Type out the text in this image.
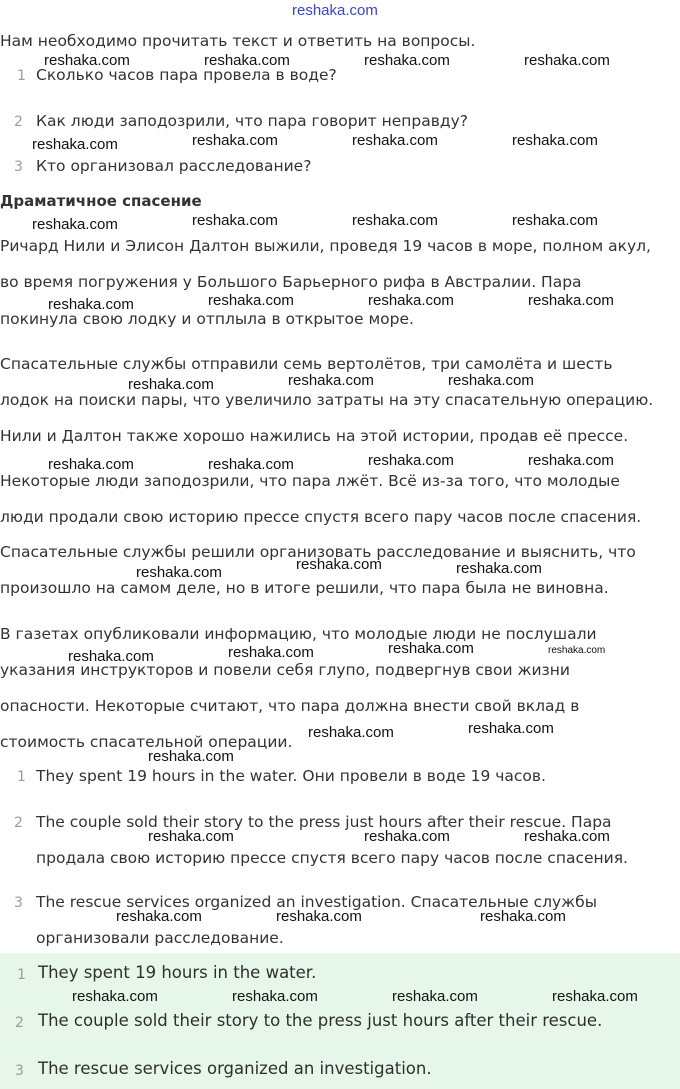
reshaka.com
Нам необходимо прочитать текст и ответить на вопросы.
1 Сколько часов пара провела в воде?
2 Как люди заподозрили, что пара говорит неправду?
3 Кто организовал расследование?
Драматичное спасение
Ричард Нили и Элисон Далтон выжили, проведя 19 часов в море, полном акул,
во время погружения у Большого Барьерного рифа в Австралии. Пара
покинула свою лодку и отплыла в открытое море.
Спасательные службы отправили семь вертолётов, три самолёта и шесть
лодок на поиски пары, что увеличило затраты на эту спасательную операцию.
Нили и Далтон также хорошо нажились на этой истории, продав её прессе.
Некоторые люди заподозрили, что пара лжёт. Всё из-за того, что молодые
люди продали свою историю прессе спустя всего пару часов после спасения.
Спасательные службы решили организовать расследование и выяснить, что
произошло на самом деле, но в итоге решили, что пара была не виновна.
В газетах опубликовали информацию, что молодые люди не послушали
указания инструкторов и повели себя глупо, подвергнув свои жизни
опасности. Некоторые считают, что пара должна внести свой вклад в
стоимость спасательной операции.
1 They spent 19 hours in the water. Они провели в воде 19 часов.
2 The couple sold their story to the press just hours after their rescue. Пара
продала свою историю прессе спустя всего пару часов после спасения.
3 The rescue services organized an investigation. Спасательные службы
организовали расследование.
1 They spent 19 hours in the water.
2 The couple sold their story to the press just hours after their rescue.
3 The rescue services organized an investigation.
reshaka.com	reshaka.com	reshaka.com	reshaka.com
reshaka.com	reshaka.com	reshaka.com	reshaka.com
reshaka.com	reshaka.com	reshaka.com	reshaka.com
reshaka.com	reshaka.com	reshaka.com	reshaka.com
reshaka.com	reshaka.com	reshaka.com
reshaka.com	reshaka.com	reshaka.com	reshaka.com
reshaka.com	reshaka.com	reshaka.com
reshaka.com	reshaka.com	reshaka.com	reshaka.com
reshaka.com	reshaka.com
reshaka.com
reshaka.com	reshaka.com	reshaka.com
reshaka.com	reshaka.com	reshaka.com
reshaka.com	reshaka.com	reshaka.com	reshaka.com
